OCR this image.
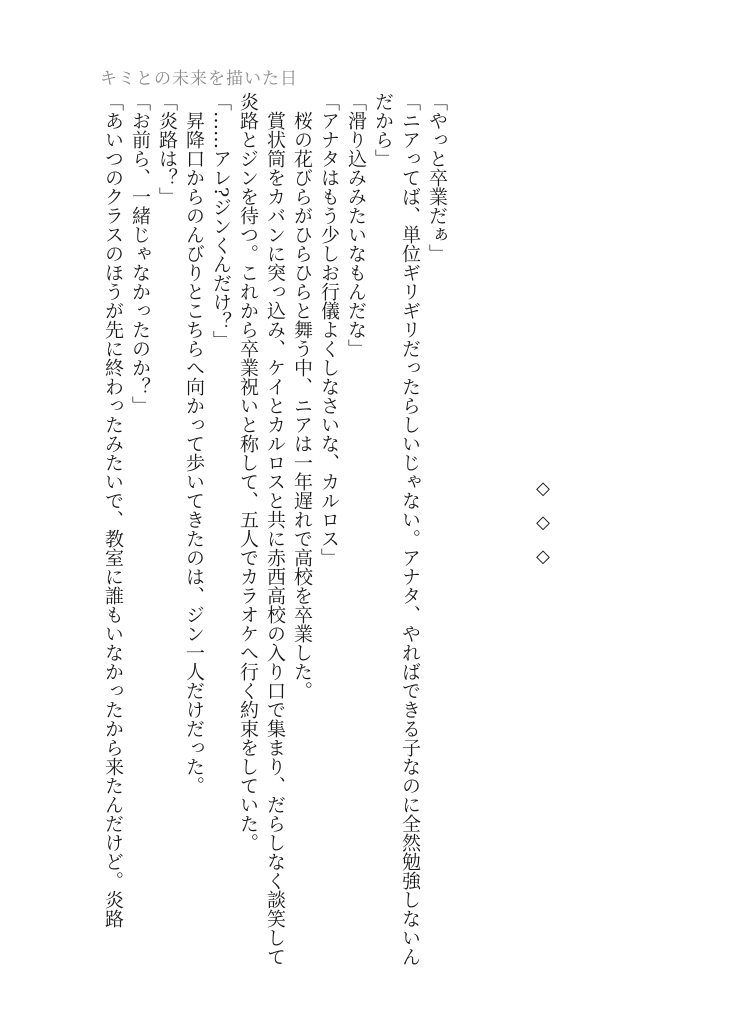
キミとの未来を描いた日
◇
◇
◇

「やっと卒業だぁ」

「ニアってば、単位ギリギリだったらしいじゃない。アナタ、やればできる子なのに全然勉強しないんだから」

「滑り込みみたいなもんだな」

「アナタはもう少しお行儀よくしなさいな、カルロス」

　桜の花びらがひらひらと舞う中、ニアは一年遅れで高校を卒業した。

　賞状筒をカバンに突っ込み、ケイとカルロスと共に赤西高校の入り口で集まり、だらしなく談笑して炎路とジンを待つ。これから卒業祝いと称して、五人でカラオケへ行く約束をしていた。

「……アレ?ジンくんだけ？」

　昇降口からのんびりとこちらへ向かって歩いてきたのは、ジン一人だけだった。

「炎路は？」

「お前ら、一緒じゃなかったのか？」

「あいつのクラスのほうが先に終わったみたいで、教室に誰もいなかったから来たんだけど。炎路
